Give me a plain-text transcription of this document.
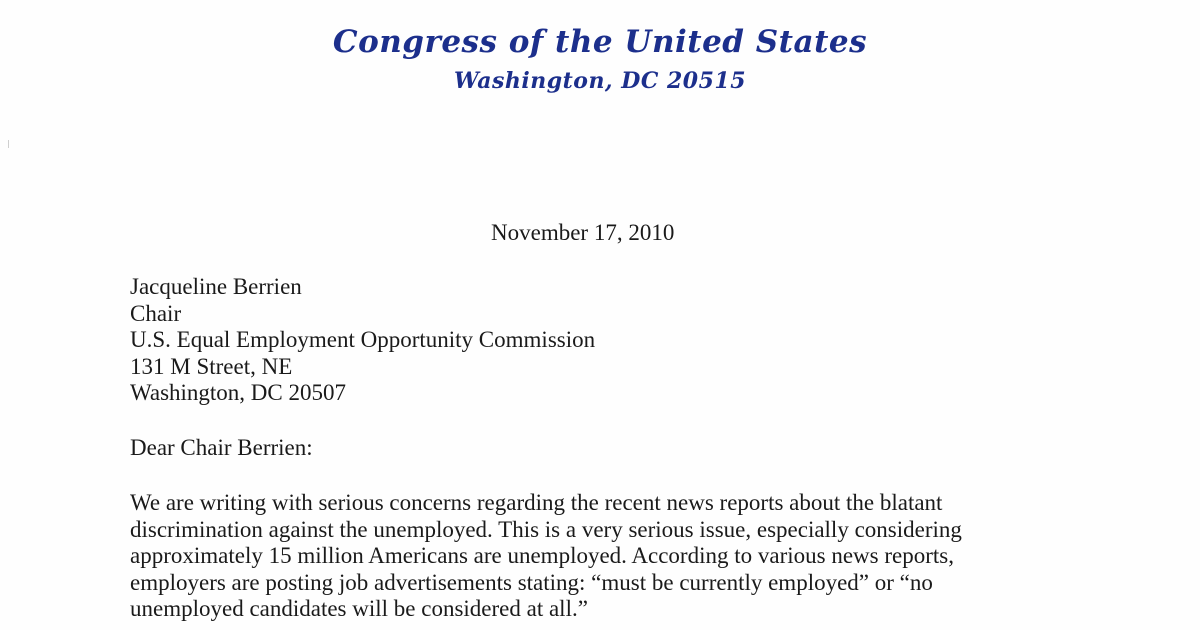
Congress of the United States
Washington, DC 20515
November 17, 2010
Jacqueline Berrien
Chair
U.S. Equal Employment Opportunity Commission
131 M Street, NE
Washington, DC 20507
Dear Chair Berrien:
We are writing with serious concerns regarding the recent news reports about the blatant
discrimination against the unemployed. This is a very serious issue, especially considering
approximately 15 million Americans are unemployed. According to various news reports,
employers are posting job advertisements stating: “must be currently employed” or “no
unemployed candidates will be considered at all.”
